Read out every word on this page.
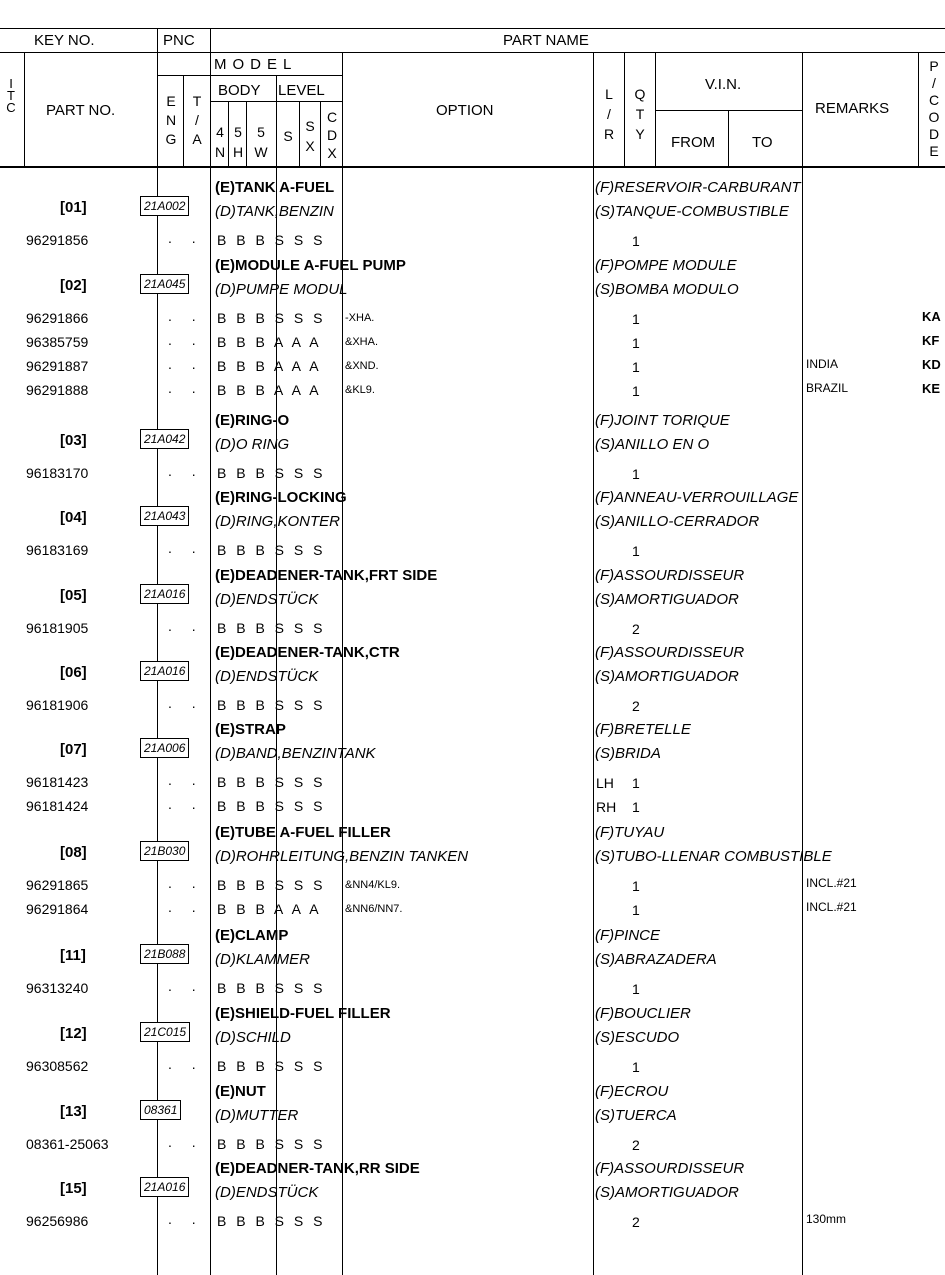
KEY NO.	PNC	PART NAME
I
T
C PART NO.
MODEL
E
N
G
T
/
A
BODY LEVEL
4
N
5
H
5
W
S
S
X
C
D
X
OPTION
L
/
R
Q
T
Y
V.I.N.
FROM TO
REMARKS
P
/
C
O
D
E
(E)TANK A-FUEL
(D)TANK,BENZIN
(F)RESERVOIR-CARBURANT
(S)TANQUE-COMBUSTIBLE
[01]	21A002
96291856	. . B B B S S S	1
(E)MODULE A-FUEL PUMP
(D)PUMPE MODUL
(F)POMPE MODULE
(S)BOMBA MODULO
[02]	21A045
96291866	. . B B B S S S -XHA.	1	KA
96385759	. . B B B A A A &XHA.	1	KF
96291887	. . B B B A A A &XND.	1	INDIA	KD
96291888	. . B B B A A A &KL9.	1	BRAZIL	KE
(E)RING-O
(D)O RING
(F)JOINT TORIQUE
(S)ANILLO EN O
[03]	21A042
96183170	. . B B B S S S	1
(E)RING-LOCKING
(D)RING,KONTER
(F)ANNEAU-VERROUILLAGE
(S)ANILLO-CERRADOR
[04]	21A043
96183169	. . B B B S S S	1
(E)DEADENER-TANK,FRT SIDE
(D)ENDSTÜCK
(F)ASSOURDISSEUR
(S)AMORTIGUADOR
[05]	21A016
96181905	. . B B B S S S	2
(E)DEADENER-TANK,CTR
(D)ENDSTÜCK
(F)ASSOURDISSEUR
(S)AMORTIGUADOR
[06]	21A016
96181906	. . B B B S S S	2
(E)STRAP
(D)BAND,BENZINTANK
(F)BRETELLE
(S)BRIDA
[07]	21A006
96181423	. . B B B S S S	LH 1
96181424	. . B B B S S S	RH 1
(E)TUBE A-FUEL FILLER
(D)ROHRLEITUNG,BENZIN TANKEN
(F)TUYAU
(S)TUBO-LLENAR COMBUSTIBLE
[08]	21B030
96291865	. . B B B S S S &NN4/KL9.	1	INCL.#21
96291864	. . B B B A A A &NN6/NN7.	1	INCL.#21
(E)CLAMP
(D)KLAMMER
(F)PINCE
(S)ABRAZADERA
[11]	21B088
96313240	. . B B B S S S	1
(E)SHIELD-FUEL FILLER
(D)SCHILD
(F)BOUCLIER
(S)ESCUDO
[12]	21C015
96308562	. . B B B S S S	1
(E)NUT
(D)MUTTER
(F)ECROU
(S)TUERCA
[13]	08361
08361-25063	. . B B B S S S	2
(E)DEADNER-TANK,RR SIDE
(D)ENDSTÜCK
(F)ASSOURDISSEUR
(S)AMORTIGUADOR
[15]	21A016
96256986	. . B B B S S S	2	130mm
